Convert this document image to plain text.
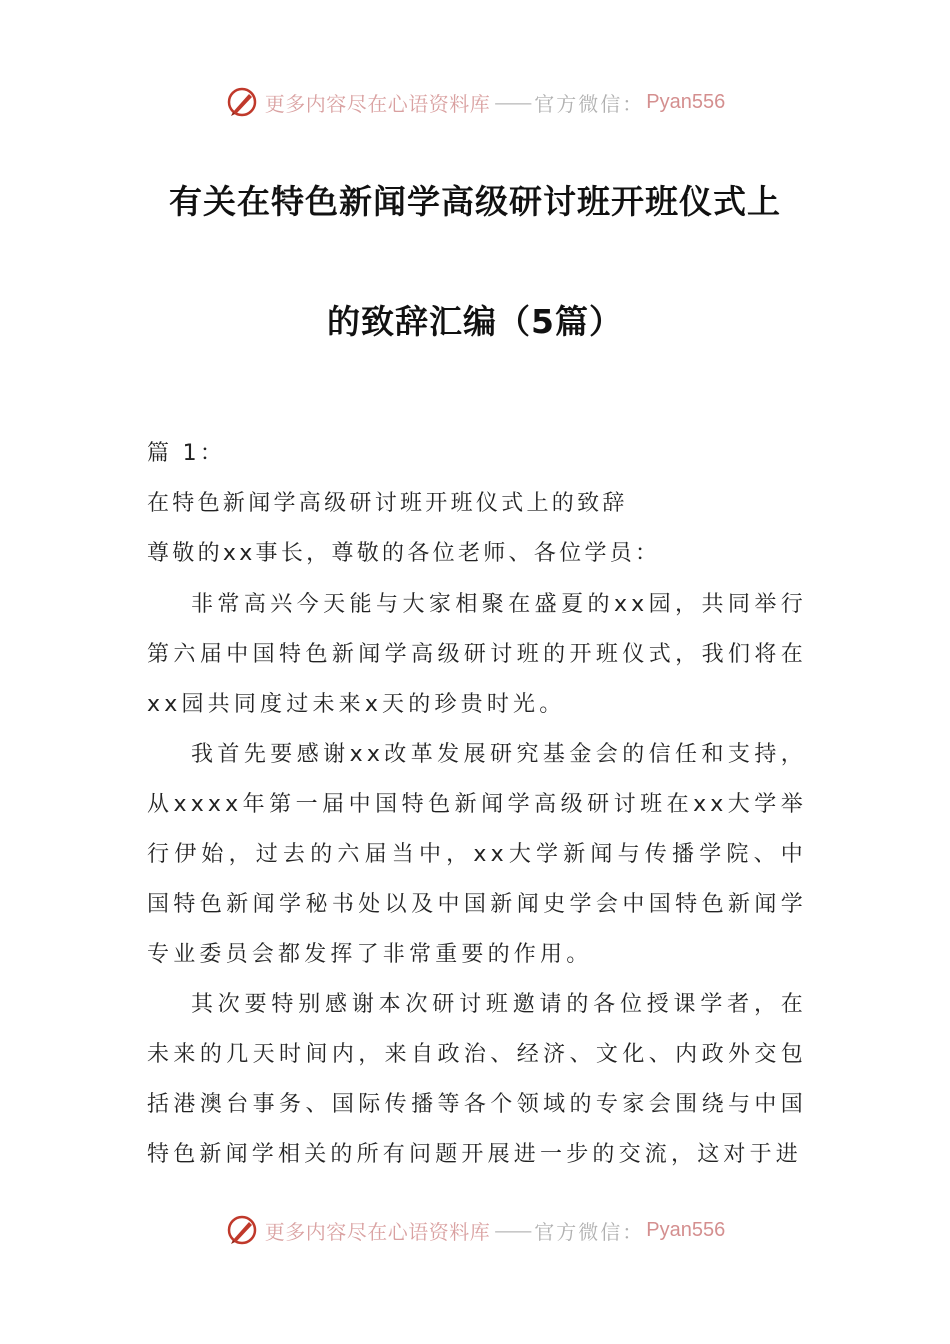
更多内容尽在心语资料库 —— 官方微信： Pyan556
有关在特色新闻学高级研讨班开班仪式上
的致辞汇编（5篇）
篇 1：
在特色新闻学高级研讨班开班仪式上的致辞
尊敬的xx事长，尊敬的各位老师、各位学员：

非常高兴今天能与大家相聚在盛夏的xx园，共同举行第六届中国特色新闻学高级研讨班的开班仪式，我们将在xx园共同度过未来x天的珍贵时光。

我首先要感谢xx改革发展研究基金会的信任和支持，从xxxx年第一届中国特色新闻学高级研讨班在xx大学举行伊始，过去的六届当中，xx大学新闻与传播学院、中国特色新闻学秘书处以及中国新闻史学会中国特色新闻学专业委员会都发挥了非常重要的作用。

其次要特别感谢本次研讨班邀请的各位授课学者，在未来的几天时间内，来自政治、经济、文化、内政外交包括港澳台事务、国际传播等各个领域的专家会围绕与中国特色新闻学相关的所有问题开展进一步的交流，这对于进

更多内容尽在心语资料库 —— 官方微信： Pyan556
